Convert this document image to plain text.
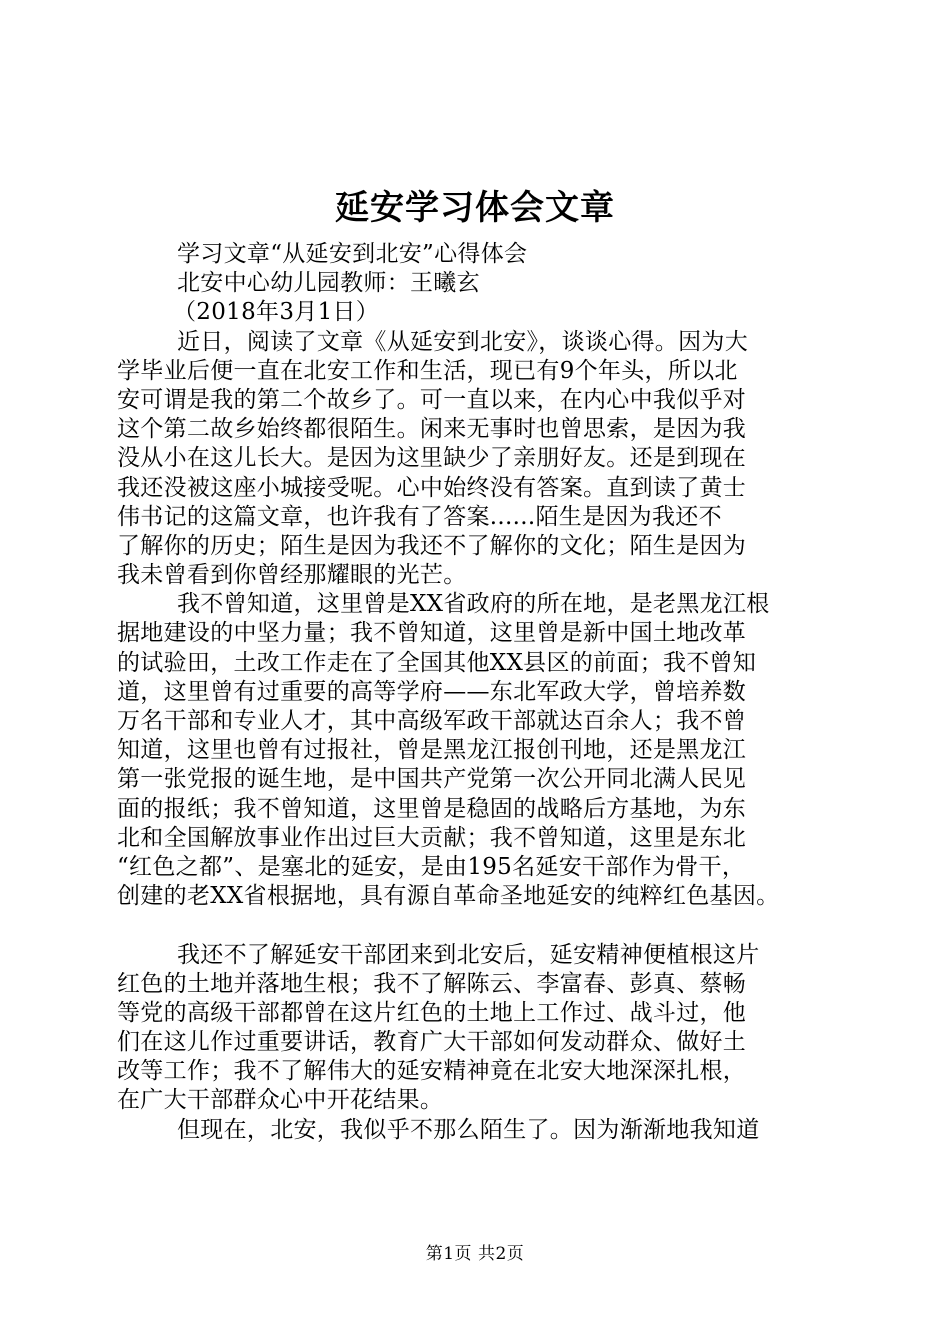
延安学习体会文章
学习文章“从延安到北安”心得体会
北安中心幼儿园教师：王曦玄
（2018年3月1日）
近日，阅读了文章《从延安到北安》，谈谈心得。因为大
学毕业后便一直在北安工作和生活，现已有9个年头，所以北
安可谓是我的第二个故乡了。可一直以来，在内心中我似乎对
这个第二故乡始终都很陌生。闲来无事时也曾思索，是因为我
没从小在这儿长大。是因为这里缺少了亲朋好友。还是到现在
我还没被这座小城接受呢。心中始终没有答案。直到读了黄士
伟书记的这篇文章，也许我有了答案......陌生是因为我还不
了解你的历史；陌生是因为我还不了解你的文化；陌生是因为
我未曾看到你曾经那耀眼的光芒。
我不曾知道，这里曾是XX省政府的所在地，是老黑龙江根
据地建设的中坚力量；我不曾知道，这里曾是新中国土地改革
的试验田，土改工作走在了全国其他XX县区的前面；我不曾知
道，这里曾有过重要的高等学府——东北军政大学，曾培养数
万名干部和专业人才，其中高级军政干部就达百余人；我不曾
知道，这里也曾有过报社，曾是黑龙江报创刊地，还是黑龙江
第一张党报的诞生地，是中国共产党第一次公开同北满人民见
面的报纸；我不曾知道，这里曾是稳固的战略后方基地，为东
北和全国解放事业作出过巨大贡献；我不曾知道，这里是东北
“红色之都”、是塞北的延安，是由195名延安干部作为骨干，
创建的老XX省根据地，具有源自革命圣地延安的纯粹红色基因。
我还不了解延安干部团来到北安后，延安精神便植根这片
红色的土地并落地生根；我不了解陈云、李富春、彭真、蔡畅
等党的高级干部都曾在这片红色的土地上工作过、战斗过，他
们在这儿作过重要讲话，教育广大干部如何发动群众、做好土
改等工作；我不了解伟大的延安精神竟在北安大地深深扎根，
在广大干部群众心中开花结果。
但现在，北安，我似乎不那么陌生了。因为渐渐地我知道
第1页 共2页
